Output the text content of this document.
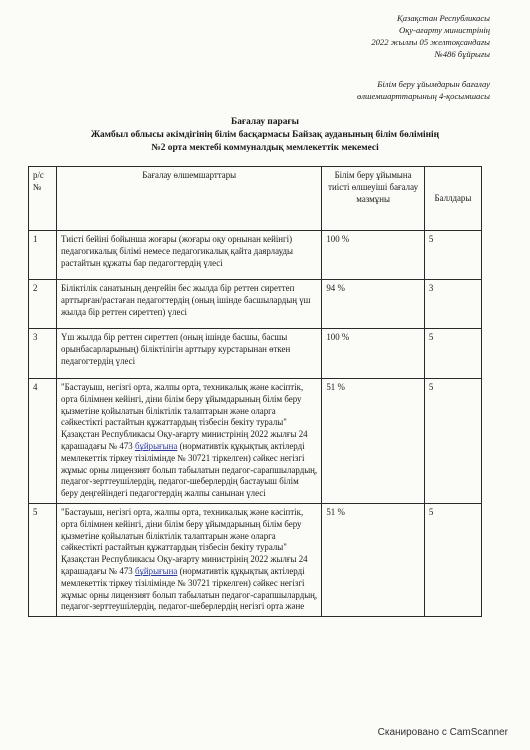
Қазақстан Республикасы
Оқу-ағарту министрінің
2022 жылғы 05 желтоқсандағы
№486 бұйрығы
Білім беру ұйымдарын бағалау
өлшемшарттарының 4-қосымшасы
Бағалау парағы
Жамбыл облысы әкімдігінің білім басқармасы Байзақ ауданының білім бөлімінің
№2 орта мектебі коммуналдық мемлекеттік мекемесі
р/с №	Бағалау өлшемшарттары	Білім беру ұйымына тиісті өлшеуіші бағалау мазмұны	Баллдары
1	Тиісті бейіні бойынша жоғары (жоғары оқу орнынан кейінгі) педагогикалық білімі немесе педагогикалық қайта даярлауды растайтын құжаты бар педагогтердің үлесі	100 %	5
2	Біліктілік санатының деңгейін бес жылда бір реттен сиреттеп арттырған/растаған педагогтердің (оның ішінде басшылардың үш жылда бір реттен сиреттеп) үлесі	94 %	3
3	Үш жылда бір реттен сиреттеп (оның ішінде басшы, басшы орынбасарларының) біліктілігін арттыру курстарынан өткен педагогтердің үлесі	100 %	5
4	"Бастауыш, негізгі орта, жалпы орта, техникалық және кәсіптік, орта білімнен кейінгі, діни білім беру ұйымдарының білім беру қызметіне қойылатын біліктілік талаптарын және оларга сәйкестікті растайтын құжаттардың тізбесін бекіту туралы" Қазақстан Республикасы Оқу-ағарту министрінің 2022 жылғы 24 қарашадағы № 473 бұйрығына (нормативтік құқықтық актілерді мемлекеттік тіркеу тізілімінде № 30721 тіркелген) сәйкес негізгі жұмыс орны лицензият болып табылатын педагог-сарапшылардың, педагог-зерттеушілердің, педагог-шеберлердің бастауыш білім беру деңгейіндегі педагогтердің жалпы санынан үлесі	51 %	5
5	"Бастауыш, негізгі орта, жалпы орта, техникалық және кәсіптік, орта білімнен кейінгі, діни білім беру ұйымдарының білім беру қызметіне қойылатын біліктілік талаптарын және оларга сәйкестікті растайтын құжаттардың тізбесін бекіту туралы" Қазақстан Республикасы Оқу-ағарту министрінің 2022 жылғы 24 қарашадағы № 473 бұйрығына (нормативтік құқықтық актілерді мемлекеттік тіркеу тізілімінде № 30721 тіркелген) сәйкес негізгі жұмыс орны лицензият болып табылатын педагог-сарапшылардың, педагог-зерттеушілердің, педагог-шеберлердің негізгі орта және	51 %	5
Сканировано с CamScanner
